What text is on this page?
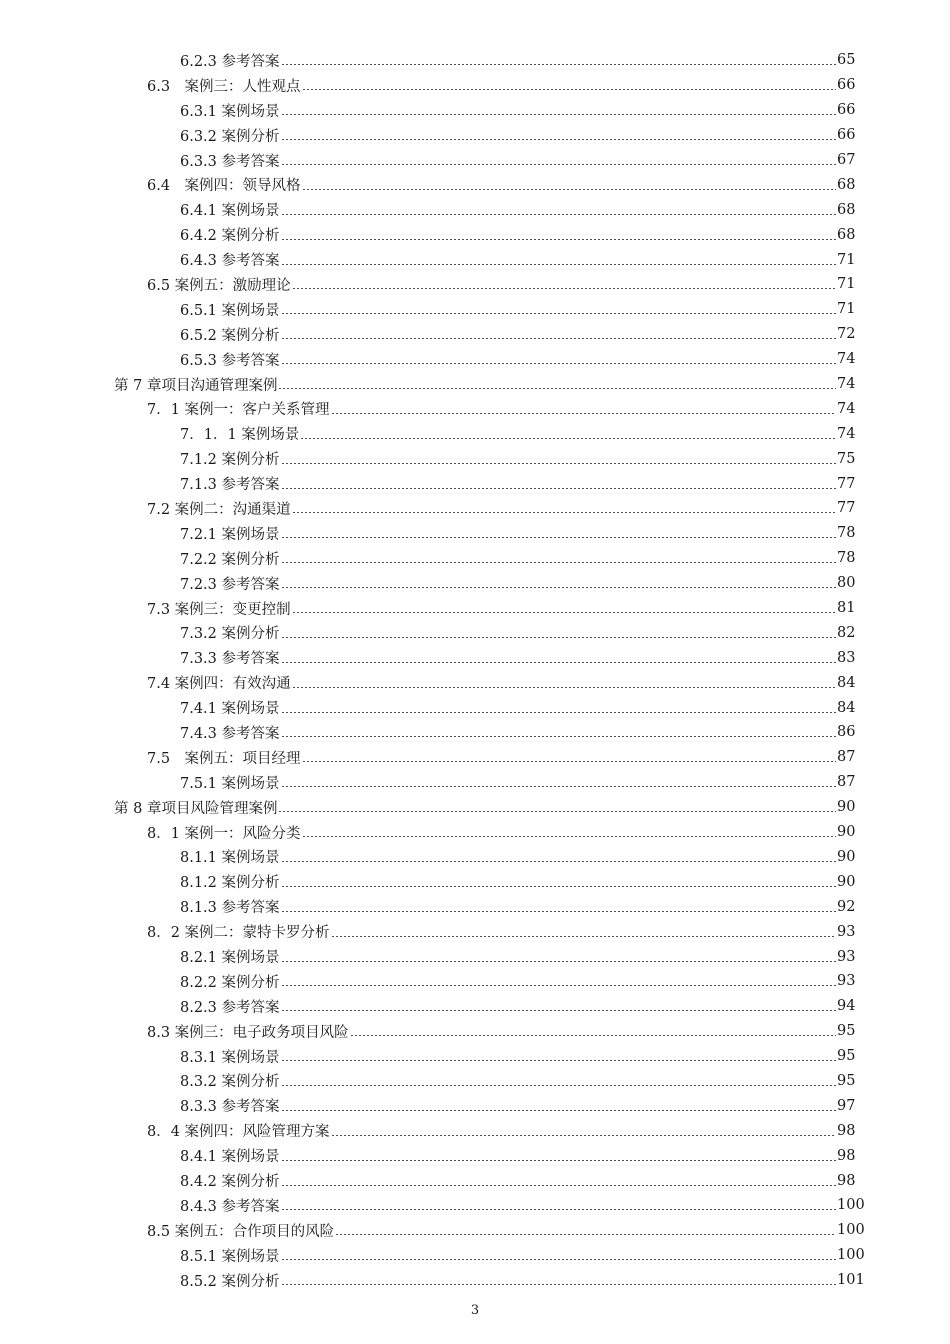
6.2.3 参考答案	65
6.3　案例三：人性观点	66
6.3.1 案例场景	66
6.3.2 案例分析	66
6.3.3 参考答案	67
6.4　案例四：领导风格	68
6.4.1 案例场景	68
6.4.2 案例分析	68
6.4.3 参考答案	71
6.5 案例五：激励理论	71
6.5.1 案例场景	71
6.5.2 案例分析	72
6.5.3 参考答案	74
第 7 章项目沟通管理案例	74
7．1 案例一：客户关系管理	74
7．1．1 案例场景	74
7.1.2 案例分析	75
7.1.3 参考答案	77
7.2 案例二：沟通渠道	77
7.2.1 案例场景	78
7.2.2 案例分析	78
7.2.3 参考答案	80
7.3 案例三：变更控制	81
7.3.2 案例分析	82
7.3.3 参考答案	83
7.4 案例四：有效沟通	84
7.4.1 案例场景	84
7.4.3 参考答案	86
7.5　案例五：项目经理	87
7.5.1 案例场景	87
第 8 章项目风险管理案例	90
8．1 案例一：风险分类	90
8.1.1 案例场景	90
8.1.2 案例分析	90
8.1.3 参考答案	92
8．2 案例二：蒙特卡罗分析	93
8.2.1 案例场景	93
8.2.2 案例分析	93
8.2.3 参考答案	94
8.3 案例三：电子政务项目风险	95
8.3.1 案例场景	95
8.3.2 案例分析	95
8.3.3 参考答案	97
8．4 案例四：风险管理方案	98
8.4.1 案例场景	98
8.4.2 案例分析	98
8.4.3 参考答案	100
8.5 案例五：合作项目的风险	100
8.5.1 案例场景	100
8.5.2 案例分析	101
3
